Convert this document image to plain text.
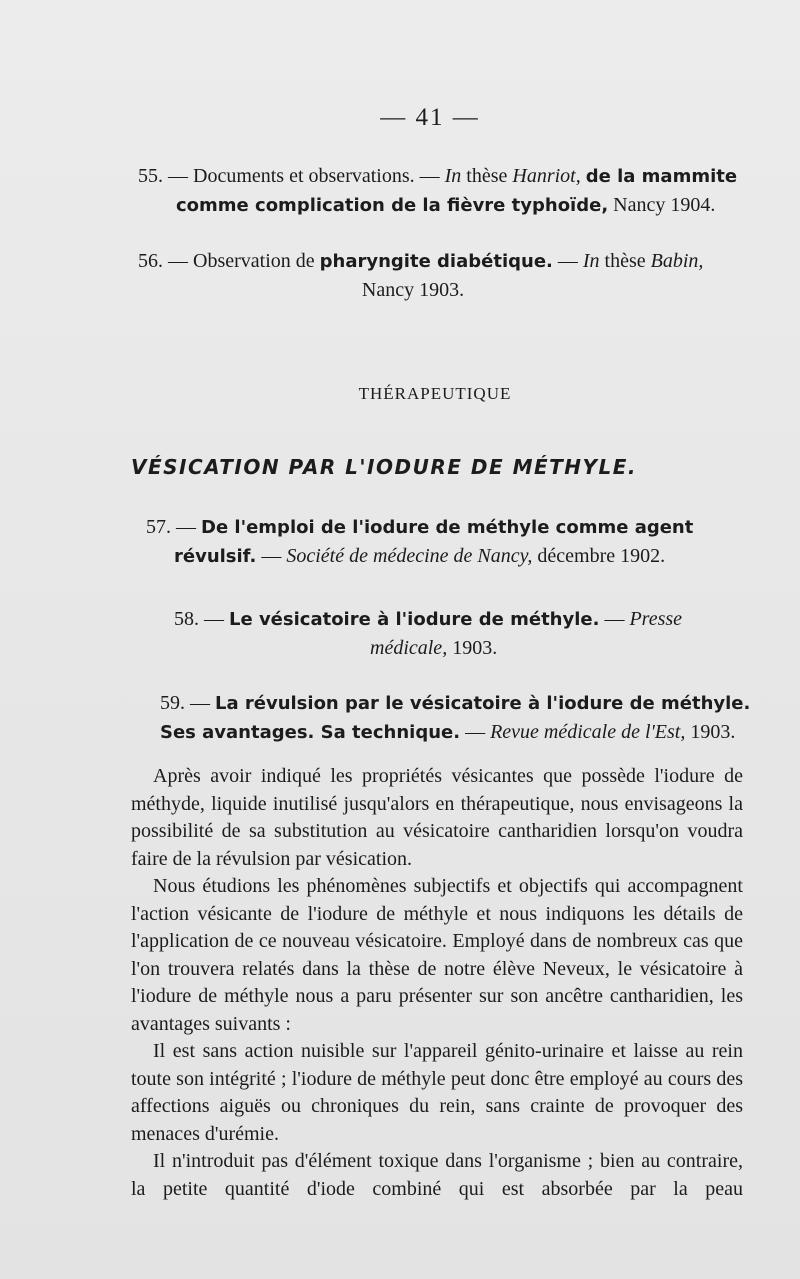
— 41 —
55. — Documents et observations. — In thèse Hanriot, de la mammite
comme complication de la fièvre typhoïde, Nancy 1904.
56. — Observation de pharyngite diabétique. — In thèse Babin,
Nancy 1903.
THÉRAPEUTIQUE
VÉSICATION PAR L'IODURE DE MÉTHYLE.
57. — De l'emploi de l'iodure de méthyle comme agent
révulsif. — Société de médecine de Nancy, décembre 1902.
58. — Le vésicatoire à l'iodure de méthyle. — Presse
médicale, 1903.
59. — La révulsion par le vésicatoire à l'iodure de méthyle.
Ses avantages. Sa technique. — Revue médicale de l'Est, 1903.

Après avoir indiqué les propriétés vésicantes que possède l'iodure de méthyde, liquide inutilisé jusqu'alors en thérapeutique, nous envisageons la possibilité de sa substitution au vésicatoire cantharidien lorsqu'on voudra faire de la révulsion par vésication.

Nous étudions les phénomènes subjectifs et objectifs qui accompagnent l'action vésicante de l'iodure de méthyle et nous indiquons les détails de l'application de ce nouveau vésicatoire. Employé dans de nombreux cas que l'on trouvera relatés dans la thèse de notre élève Neveux, le vésicatoire à l'iodure de méthyle nous a paru présenter sur son ancêtre cantharidien, les avantages suivants :

Il est sans action nuisible sur l'appareil génito-urinaire et laisse au rein toute son intégrité ; l'iodure de méthyle peut donc être employé au cours des affections aiguës ou chroniques du rein, sans crainte de provoquer des menaces d'urémie.

Il n'introduit pas d'élément toxique dans l'organisme ; bien au contraire, la petite quantité d'iode combiné qui est absorbée par la peau
